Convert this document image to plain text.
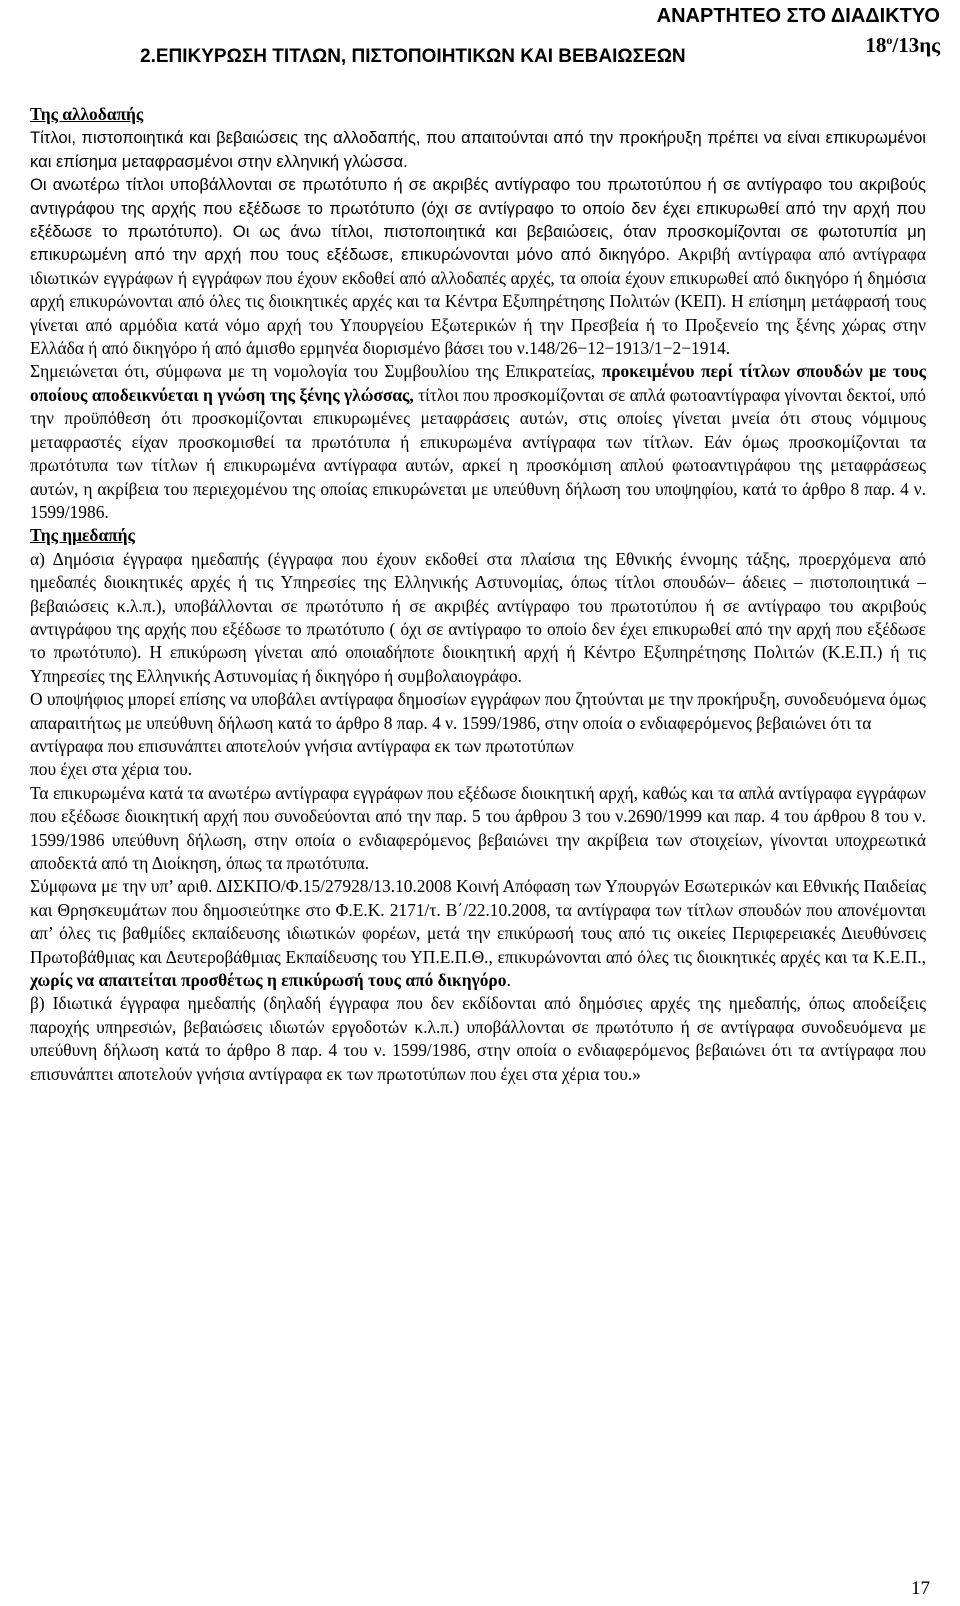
ΑΝΑΡΤΗΤΕΟ ΣΤΟ ΔΙΑΔΙΚΤΥΟ
$18^o/13\eta\varsigma$
2.ΕΠΙΚΥΡΩΣΗ ΤΙΤΛΩΝ, ΠΙΣΤΟΠΟΙΗΤΙΚΩΝ ΚΑΙ ΒΕΒΑΙΩΣΕΩΝ

Της αλλοδαπής

Τίτλοι, πιστοποιητικά και βεβαιώσεις της αλλοδαπής, που απαιτούνται από την προκήρυξη πρέπει να είναι επικυρωμένοι και επίσημα μεταφρασμένοι στην ελληνική γλώσσα.

Οι ανωτέρω τίτλοι υποβάλλονται σε πρωτότυπο ή σε ακριβές αντίγραφο του πρωτοτύπου ή σε αντίγραφο του ακριβούς αντιγράφου της αρχής που εξέδωσε το πρωτότυπο (όχι σε αντίγραφο το οποίο δεν έχει επικυρωθεί από την αρχή που εξέδωσε το πρωτότυπο). Οι ως άνω τίτλοι, πιστοποιητικά και βεβαιώσεις, όταν προσκομίζονται σε φωτοτυπία μη επικυρωμένη από την αρχή που τους εξέδωσε, επικυρώνονται μόνο από δικηγόρο. Ακριβή αντίγραφα από αντίγραφα ιδιωτικών εγγράφων ή εγγράφων που έχουν εκδοθεί από αλλοδαπές αρχές, τα οποία έχουν επικυρωθεί από δικηγόρο ή δημόσια αρχή επικυρώνονται από όλες τις διοικητικές αρχές και τα Κέντρα Εξυπηρέτησης Πολιτών (ΚΕΠ). Η επίσημη μετάφρασή τους γίνεται από αρμόδια κατά νόμο αρχή του Υπουργείου Εξωτερικών ή την Πρεσβεία ή το Προξενείο της ξένης χώρας στην Ελλάδα ή από δικηγόρο ή από άμισθο ερμηνέα διορισμένο βάσει του ν.148/26−12−1913/1−2−1914.

Σημειώνεται ότι, σύμφωνα με τη νομολογία του Συμβουλίου της Επικρατείας, προκειμένου περί τίτλων σπουδών με τους οποίους αποδεικνύεται η γνώση της ξένης γλώσσας, τίτλοι που προσκομίζονται σε απλά φωτοαντίγραφα γίνονται δεκτοί, υπό την προϋπόθεση ότι προσκομίζονται επικυρωμένες μεταφράσεις αυτών, στις οποίες γίνεται μνεία ότι στους νόμιμους μεταφραστές είχαν προσκομισθεί τα πρωτότυπα ή επικυρωμένα αντίγραφα των τίτλων. Εάν όμως προσκομίζονται τα πρωτότυπα των τίτλων ή επικυρωμένα αντίγραφα αυτών, αρκεί η προσκόμιση απλού φωτοαντιγράφου της μεταφράσεως αυτών, η ακρίβεια του περιεχομένου της οποίας επικυρώνεται με υπεύθυνη δήλωση του υποψηφίου, κατά το άρθρο 8 παρ. 4 ν. 1599/1986.

Της ημεδαπής

α) Δημόσια έγγραφα ημεδαπής (έγγραφα που έχουν εκδοθεί στα πλαίσια της Εθνικής έννομης τάξης, προερχόμενα από ημεδαπές διοικητικές αρχές ή τις Υπηρεσίες της Ελληνικής Αστυνομίας, όπως τίτλοι σπουδών– άδειες – πιστοποιητικά – βεβαιώσεις κ.λ.π.), υποβάλλονται σε πρωτότυπο ή σε ακριβές αντίγραφο του πρωτοτύπου ή σε αντίγραφο του ακριβούς αντιγράφου της αρχής που εξέδωσε το πρωτότυπο ( όχι σε αντίγραφο το οποίο δεν έχει επικυρωθεί από την αρχή που εξέδωσε το πρωτότυπο). Η επικύρωση γίνεται από οποιαδήποτε διοικητική αρχή ή Κέντρο Εξυπηρέτησης Πολιτών (Κ.Ε.Π.) ή τις Υπηρεσίες της Ελληνικής Αστυνομίας ή δικηγόρο ή συμβολαιογράφο.

Ο υποψήφιος μπορεί επίσης να υποβάλει αντίγραφα δημοσίων εγγράφων που ζητούνται με την προκήρυξη, συνοδευόμενα όμως απαραιτήτως με υπεύθυνη δήλωση κατά το άρθρο 8 παρ. 4 ν. 1599/1986, στην οποία ο ενδιαφερόμενος βεβαιώνει ότι τα αντίγραφα που επισυνάπτει αποτελούν γνήσια αντίγραφα εκ των πρωτοτύπων

που έχει στα χέρια του.

Τα επικυρωμένα κατά τα ανωτέρω αντίγραφα εγγράφων που εξέδωσε διοικητική αρχή, καθώς και τα απλά αντίγραφα εγγράφων που εξέδωσε διοικητική αρχή που συνοδεύονται από την παρ. 5 του άρθρου 3 του ν.2690/1999 και παρ. 4 του άρθρου 8 του ν. 1599/1986 υπεύθυνη δήλωση, στην οποία ο ενδιαφερόμενος βεβαιώνει την ακρίβεια των στοιχείων, γίνονται υποχρεωτικά αποδεκτά από τη Διοίκηση, όπως τα πρωτότυπα.

Σύμφωνα με την υπ’ αριθ. ΔΙΣΚΠΟ/Φ.15/27928/13.10.2008 Κοινή Απόφαση των Υπουργών Εσωτερικών και Εθνικής Παιδείας και Θρησκευμάτων που δημοσιεύτηκε στο Φ.Ε.Κ. 2171/τ. Β΄/22.10.2008, τα αντίγραφα των τίτλων σπουδών που απονέμονται απ’ όλες τις βαθμίδες εκπαίδευσης ιδιωτικών φορέων, μετά την επικύρωσή τους από τις οικείες Περιφερειακές Διευθύνσεις Πρωτοβάθμιας και Δευτεροβάθμιας Εκπαίδευσης του ΥΠ.Ε.Π.Θ., επικυρώνονται από όλες τις διοικητικές αρχές και τα Κ.Ε.Π., χωρίς να απαιτείται προσθέτως η επικύρωσή τους από δικηγόρο.

β) Ιδιωτικά έγγραφα ημεδαπής (δηλαδή έγγραφα που δεν εκδίδονται από δημόσιες αρχές της ημεδαπής, όπως αποδείξεις παροχής υπηρεσιών, βεβαιώσεις ιδιωτών εργοδοτών κ.λ.π.) υποβάλλονται σε πρωτότυπο ή σε αντίγραφα συνοδευόμενα με υπεύθυνη δήλωση κατά το άρθρο 8 παρ. 4 του ν. 1599/1986, στην οποία ο ενδιαφερόμενος βεβαιώνει ότι τα αντίγραφα που επισυνάπτει αποτελούν γνήσια αντίγραφα εκ των πρωτοτύπων που έχει στα χέρια του.»

17
